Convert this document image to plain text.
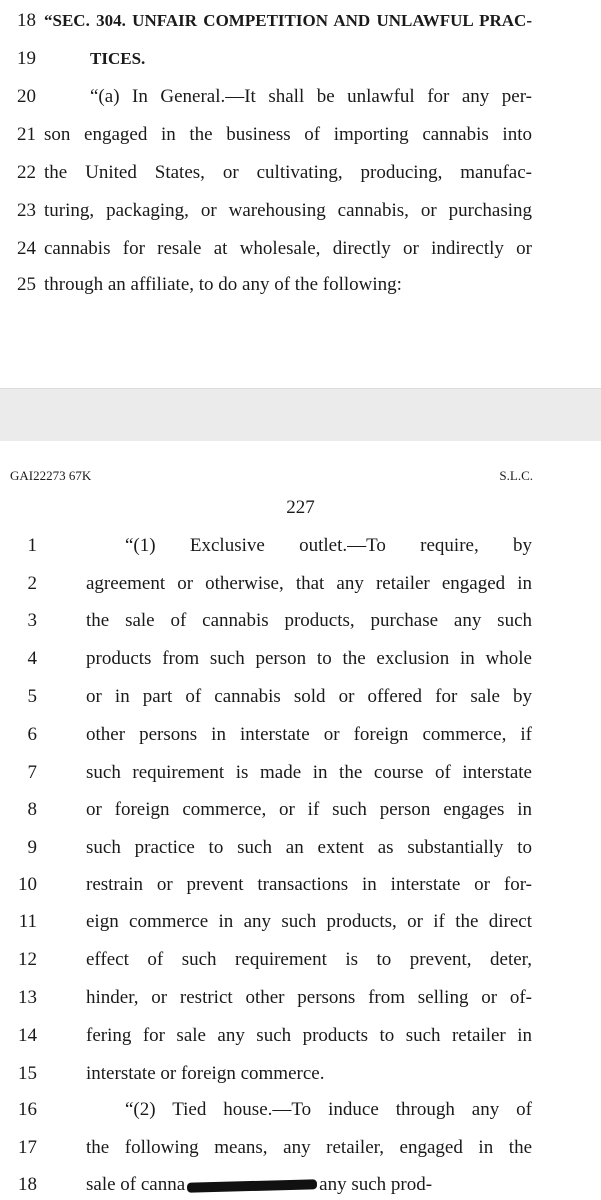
18 “SEC. 304. UNFAIR COMPETITION AND UNLAWFUL PRAC-
19	TICES.
20	“(a) In General.—It shall be unlawful for any per-
21 son engaged in the business of importing cannabis into
22 the United States, or cultivating, producing, manufac-
23 turing, packaging, or warehousing cannabis, or purchasing
24 cannabis for resale at wholesale, directly or indirectly or
25 through an affiliate, to do any of the following:
GAI22273 67K	S.L.C.
227
1	“(1) Exclusive outlet.—To require, by
2	agreement or otherwise, that any retailer engaged in
3	the sale of cannabis products, purchase any such
4	products from such person to the exclusion in whole
5	or in part of cannabis sold or offered for sale by
6	other persons in interstate or foreign commerce, if
7	such requirement is made in the course of interstate
8	or foreign commerce, or if such person engages in
9	such practice to such an extent as substantially to
10	restrain or prevent transactions in interstate or for-
11	eign commerce in any such products, or if the direct
12	effect of such requirement is to prevent, deter,
13	hinder, or restrict other persons from selling or of-
14	fering for sale any such products to such retailer in
15	interstate or foreign commerce.
16	“(2) Tied house.—To induce through any of
17	the following means, any retailer, engaged in the
18	sale of canna	any such prod-
